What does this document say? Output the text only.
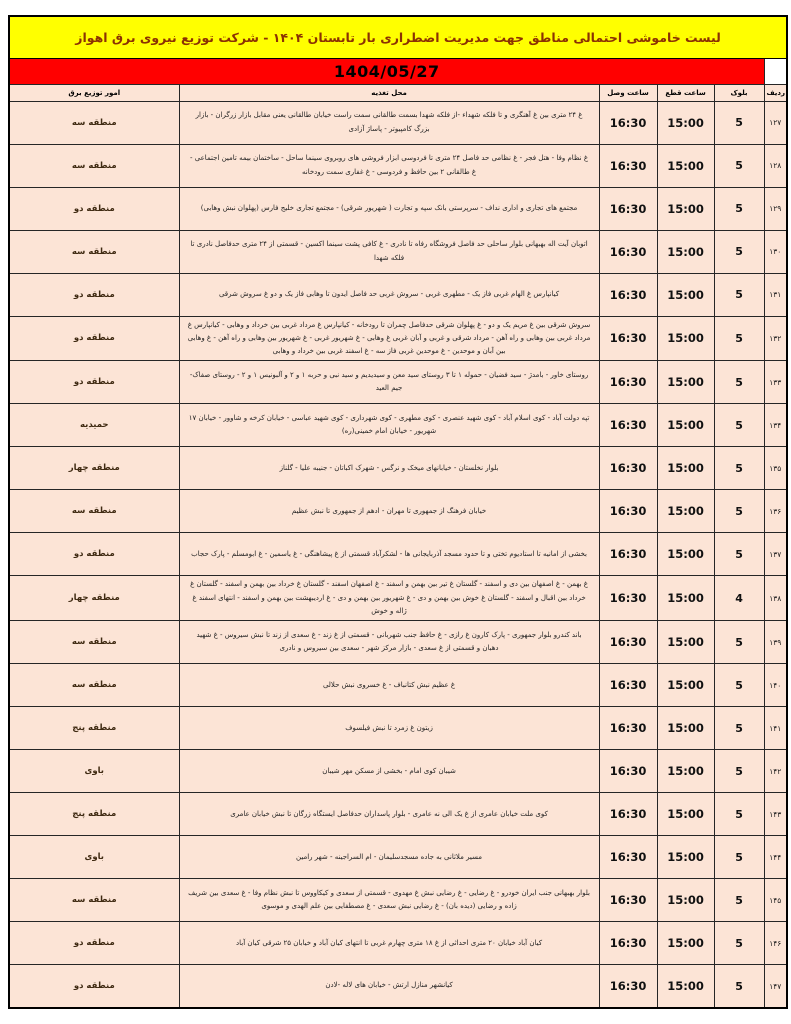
لیست خاموشی احتمالی مناطق جهت مدیریت اضطراری بار تابستان ۱۴۰۴ - شرکت توزیع نیروی برق اهواز					
	1404/05/27				
ردیف	بلوک	ساعت قطع	ساعت وصل	محل تغذیه	امور توزیع برق
۱۲۷	5	15:00	16:30	غ ۲۴ متری بین غ آهنگری و تا فلکه شهداء -از فلکه شهدا بسمت طالقانی سمت راست خیابان طالقانی یعنی مقابل بازار زرگران - بازار بزرگ کامپیوتر - پاساژ آزادی	منطقه سه
۱۲۸	5	15:00	16:30	غ نظام وفا - هتل فجر - غ نظامی حد فاصل ۲۴ متری تا فردوسی ابزار فروشی های روبروی سینما ساحل - ساختمان بیمه تامین اجتماعی - غ طالقانی ۲ بین حافظ و فردوسی - غ غفاری سمت رودخانه	منطقه سه
۱۲۹	5	15:00	16:30	مجتمع های تجاری و اداری نداف - سرپرستی بانک سپه و تجارت ( شهریور شرقی) - مجتمع تجاری خلیج فارس (پهلوان نبش وهابی)	منطقه دو
۱۳۰	5	15:00	16:30	اتوبان آیت اله بهبهانی بلوار ساحلی حد فاصل فروشگاه رفاه تا نادری - غ کافی پشت سینما اکسین - قسمتی از ۲۴ متری حدفاصل نادری تا فلکه شهدا	منطقه سه
۱۳۱	5	15:00	16:30	کیانپارس غ الهام غربی فاز یک - مطهری غربی - سروش غربی حد فاصل ایدون تا وهابی فاز یک و دو غ سروش شرقی	منطقه دو
۱۳۲	5	15:00	16:30	سروش شرقی بین غ مریم یک و دو - غ پهلوان شرقی حدفاصل چمران تا رودخانه - کیانپارس غ مرداد غربی بین خرداد و وهابی - کیانپارس غ مرداد غربی بین وهابی و راه آهن - مرداد شرقی و غربی و آبان غربی غ وهابی - غ شهریور غربی - غ شهریور بین وهابی و راه آهن - غ وهابی بین آبان و موحدین - غ موحدین غربی فاز سه - غ اسفند غربی بین خرداد و وهابی	منطقه دو
۱۳۳	5	15:00	16:30	روستای خاور - بامدژ - سید فضیان - حموله ۱ تا ۳ روستای سید معن و سیدیدیم و سید نبی و حربه ۱ و ۲ و آلبونیس ۱ و ۲ - روستای صفاک-جیم العید	منطقه دو
۱۳۴	5	15:00	16:30	تپه دولت آباد - کوی اسلام آباد - کوی شهید عنصری - کوی مطهری - کوی شهرداری - کوی شهید عباسی - خیابان کرخه و شاوور - خیابان ۱۷ شهریور - خیابان امام خمینی(ره)	حمیدیه
۱۳۵	5	15:00	16:30	بلوار نخلستان - خیابانهای میخک و نرگس - شهرک اکباتان - جنیبه علیا - گلناز	منطقه چهار
۱۳۶	5	15:00	16:30	خیابان فرهنگ از جمهوری تا مهران - ادهم از جمهوری تا نبش عظیم	منطقه سه
۱۳۷	5	15:00	16:30	بخشی از امانیه تا استادیوم تختی و تا حدود مسجد آذربایجانی ها - لشکرآباد قسمتی از غ پیشاهنگی - غ یاسمین - غ ابومسلم - پارک حجاب	منطقه دو
۱۳۸	4	15:00	16:30	غ بهمن - غ اصفهان بین دی و اسفند - گلستان غ تیر بین بهمن و اسفند - غ اصفهان اسفند - گلستان غ خرداد بین بهمن و اسفند - گلستان غ خرداد بین اقبال و اسفند - گلستان غ خوش بین بهمن و دی - غ شهریور بین بهمن و دی - غ اردیبهشت بین بهمن و اسفند - انتهای اسفند غ ژاله و خوش	منطقه چهار
۱۳۹	5	15:00	16:30	باند کندرو بلوار جمهوری - پارک کارون غ رازی - غ حافظ جنب شهربانی - قسمتی از غ زند - غ سعدی از زند تا نبش سیروس - غ شهید دهبان و قسمتی از غ سعدی - بازار مرکز شهر - سعدی بین سیروس و نادری	منطقه سه
۱۴۰	5	15:00	16:30	غ عظیم نبش کتانباف - غ خسروی نبش حلالی	منطقه سه
۱۴۱	5	15:00	16:30	زیتون غ زمرد تا نبش فیلسوف	منطقه پنج
۱۴۲	5	15:00	16:30	شیبان کوی امام - بخشی از مسکن مهر شیبان	باوی
۱۴۳	5	15:00	16:30	کوی ملت خیابان عامری از غ یک الی نه عامری - بلوار پاسداران حدفاصل ایستگاه زرگان تا نبش خیابان عامری	منطقه پنج
۱۴۴	5	15:00	16:30	مسیر ملاثانی به جاده مسجدسلیمان - ام السراجینه - شهر رامین	باوی
۱۴۵	5	15:00	16:30	بلوار بهبهانی جنب ایران خودرو - غ رضایی - غ رضایی نبش غ مهدوی - قسمتی از سعدی و کیکاووس تا نبش نظام وفا - غ سعدی بین شریف زاده و رضایی (دیده بان) - غ رضایی نبش سعدی - غ مصطفایی بین علم الهدی و موسوی	منطقه سه
۱۴۶	5	15:00	16:30	کیان آباد خیابان ۲۰ متری احداثی از غ ۱۸ متری چهارم غربی تا انتهای کیان آباد و خیابان ۲۵ شرقی کیان آباد	منطقه دو
۱۴۷	5	15:00	16:30	کیانشهر منازل ارتش - خیابان های لاله -لادن	منطقه دو
